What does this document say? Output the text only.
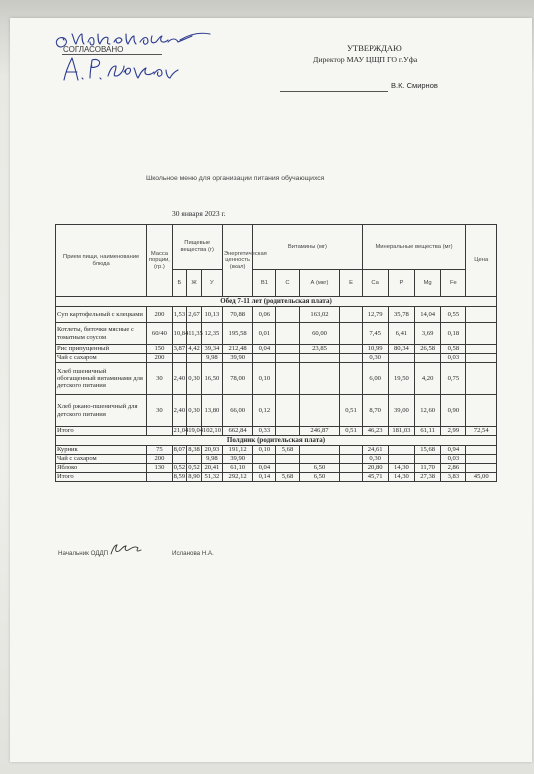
СОГЛАСОВАНО	УТВЕРЖДАЮ
Директор МАУ ЦЩП ГО г.Уфа
В.К. Смирнов
Школьное меню для организации питания обучающихся
30 января 2023 г.
Прием пищи, наименование блюда	Масса порции, (гр.)	Пищевые вещества (г)			Энергетическая ценность (ккал)	Витамины (мг)				Минеральные вещества (мг)				Цена
		Б	Ж	У		В1	С	А (мкг)	Е	Са	Р	Mg	Fe	
Обед 7-11 лет (родительская плата)														
Суп картофельный с клецками	200	1,53	2,67	10,13	70,88	0,06		163,02		12,79	35,78	14,04	0,55	
Котлеты, биточки мясные с томатным соусом	60/40	10,84	11,35	12,35	195,58	0,01		60,00		7,45	6,41	3,69	0,18	
Рис припущенный	150	3,87	4,42	39,34	212,48	0,04		23,85		10,99	80,34	26,58	0,58	
Чай с сахаром	200			9,98	39,90					0,30			0,03	
Хлеб пшеничный обогащенный витаминами для детского питания	30	2,40	0,30	16,50	78,00	0,10				6,00	19,50	4,20	0,75	
Хлеб ржано-пшеничный для детского питания	30	2,40	0,30	13,80	66,00	0,12			0,51	8,70	39,00	12,60	0,90	
Итого		21,04	19,04	102,10	662,84	0,33		246,87	0,51	46,23	181,03	61,11	2,99	72,54
Полдник (родительская плата)														
Курник	75	8,07	8,38	20,93	191,12	0,10	5,68			24,61		15,68	0,94	
Чай с сахаром	200			9,98	39,90					0,30			0,03	
Яблоко	130	0,52	0,52	20,41	61,10	0,04		6,50		20,80	14,30	11,70	2,86	
Итого		8,59	8,90	51,32	292,12	0,14	5,68	6,50		45,71	14,30	27,38	3,83	45,00
Начальник ОДДП	Исланова Н.А.
